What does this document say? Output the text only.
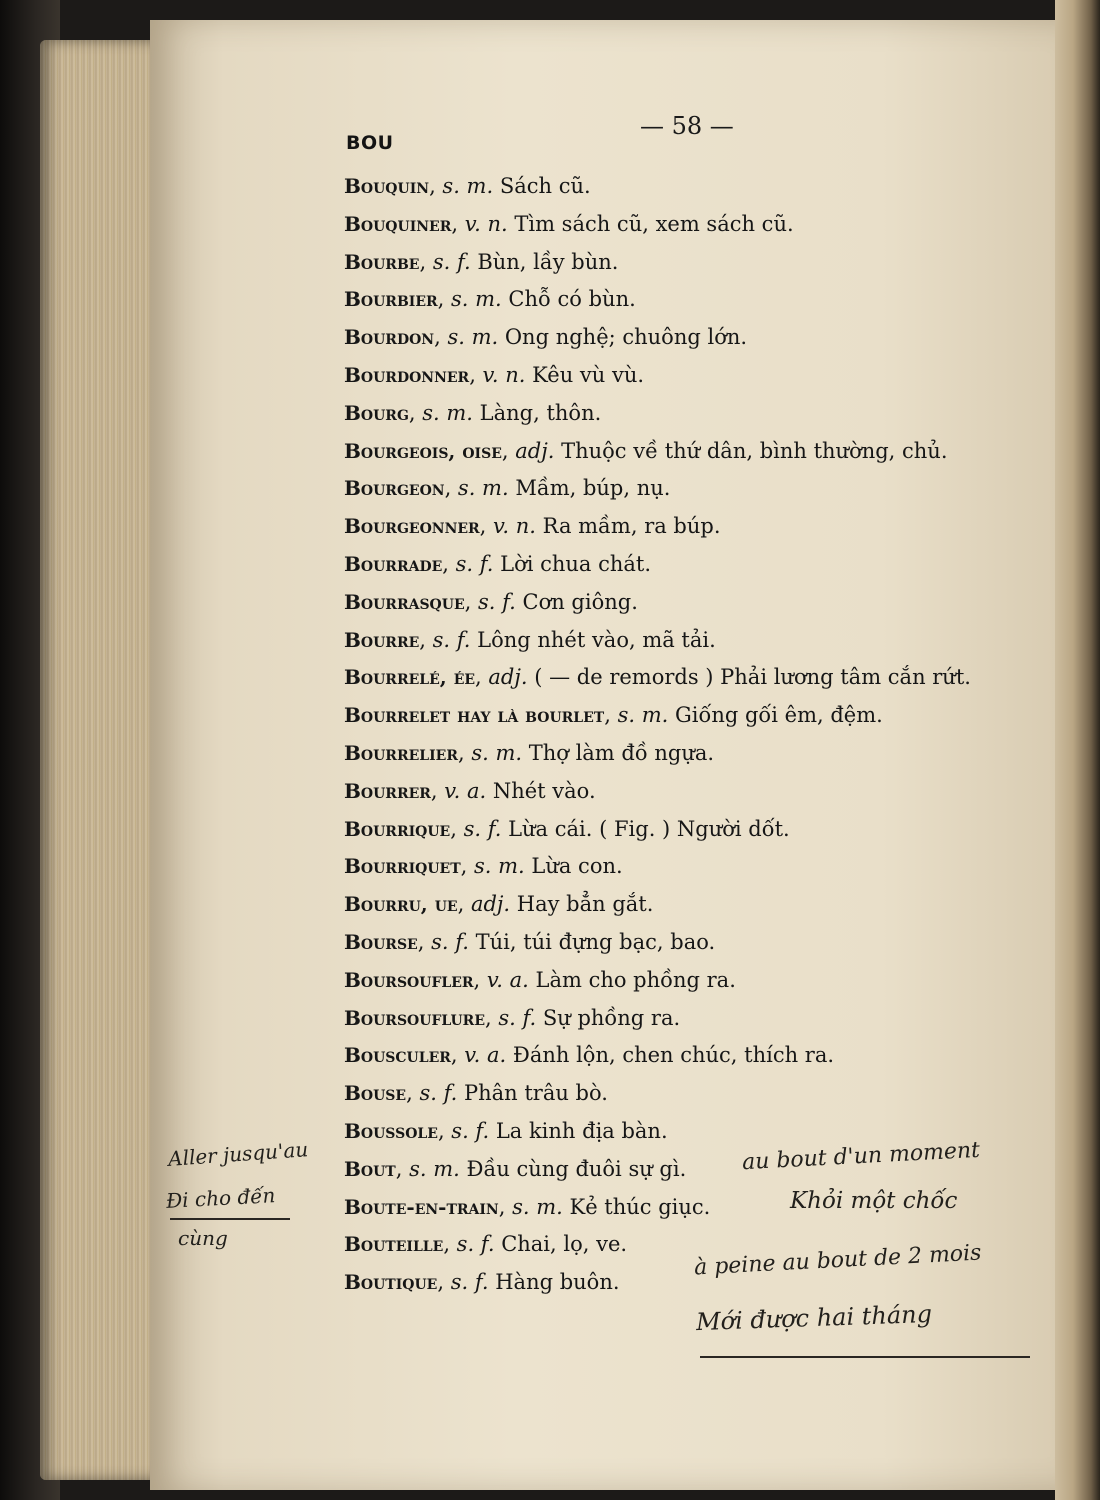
BOU
— 58 —
Bouquin, s. m. Sách cũ.
Bouquiner, v. n. Tìm sách cũ, xem sách cũ.
Bourbe, s. f. Bùn, lầy bùn.
Bourbier, s. m. Chỗ có bùn.
Bourdon, s. m. Ong nghệ; chuông lớn.
Bourdonner, v. n. Kêu vù vù.
Bourg, s. m. Làng, thôn.
Bourgeois, oise, adj. Thuộc về thứ dân, bình thường, chủ.
Bourgeon, s. m. Mầm, búp, nụ.
Bourgeonner, v. n. Ra mầm, ra búp.
Bourrade, s. f. Lời chua chát.
Bourrasque, s. f. Cơn giông.
Bourre, s. f. Lông nhét vào, mã tải.
Bourrelé, ée, adj. ( — de remords ) Phải lương tâm cắn rứt.
Bourrelet hay là bourlet, s. m. Giống gối êm, đệm.
Bourrelier, s. m. Thợ làm đồ ngựa.
Bourrer, v. a. Nhét vào.
Bourrique, s. f. Lừa cái. ( Fig. ) Người dốt.
Bourriquet, s. m. Lừa con.
Bourru, ue, adj. Hay bẳn gắt.
Bourse, s. f. Túi, túi đựng bạc, bao.
Boursoufler, v. a. Làm cho phồng ra.
Boursouflure, s. f. Sự phồng ra.
Bousculer, v. a. Đánh lộn, chen chúc, thích ra.
Bouse, s. f. Phân trâu bò.
Boussole, s. f. La kinh địa bàn.
Bout, s. m. Đầu cùng đuôi sự gì.
Boute-en-train, s. m. Kẻ thúc giục.
Bouteille, s. f. Chai, lọ, ve.
Boutique, s. f. Hàng buôn.
Aller jusqu'au
Đi cho đến
cùng
au bout d'un moment
Khỏi một chốc
à peine au bout de 2 mois
Mới được hai tháng
